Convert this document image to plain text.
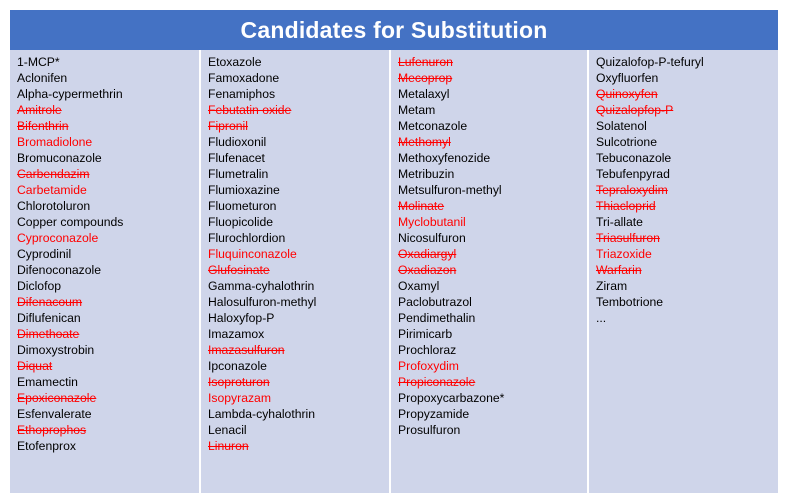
Candidates for Substitution
1-MCP*
Aclonifen
Alpha-cypermethrin
Amitrole
Bifenthrin
Bromadiolone
Bromuconazole
Carbendazim
Carbetamide
Chlorotoluron
Copper compounds
Cyproconazole
Cyprodinil
Difenoconazole
Diclofop
Difenacoum
Diflufenican
Dimethoate
Dimoxystrobin
Diquat
Emamectin
Epoxiconazole
Esfenvalerate
Ethoprophos
Etofenprox
Etoxazole
Famoxadone
Fenamiphos
Febutatin oxide
Fipronil
Fludioxonil
Flufenacet
Flumetralin
Flumioxazine
Fluometuron
Fluopicolide
Flurochlordion
Fluquinconazole
Glufosinate
Gamma-cyhalothrin
Halosulfuron-methyl
Haloxyfop-P
Imazamox
Imazasulfuron
Ipconazole
Isoproturon
Isopyrazam
Lambda-cyhalothrin
Lenacil
Linuron
Lufenuron
Mecoprop
Metalaxyl
Metam
Metconazole
Methomyl
Methoxyfenozide
Metribuzin
Metsulfuron-methyl
Molinate
Myclobutanil
Nicosulfuron
Oxadiargyl
Oxadiazon
Oxamyl
Paclobutrazol
Pendimethalin
Pirimicarb
Prochloraz
Profoxydim
Propiconazole
Propoxycarbazone*
Propyzamide
Prosulfuron
Quizalofop-P-tefuryl
Oxyfluorfen
Quinoxyfen
Quizalopfop-P
Solatenol
Sulcotrione
Tebuconazole
Tebufenpyrad
Tepraloxydim
Thiacloprid
Tri-allate
Triasulfuron
Triazoxide
Warfarin
Ziram
Tembotrione
...
